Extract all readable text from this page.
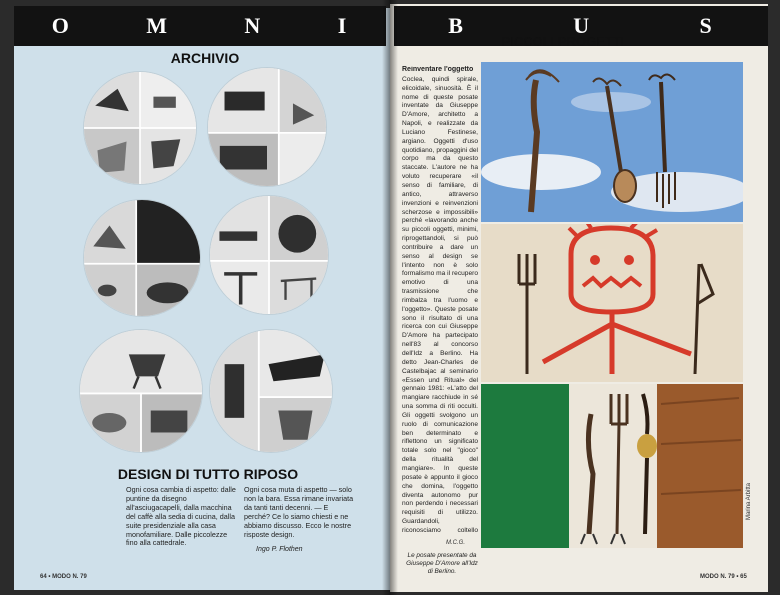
O	M	N	I	B	U	S
ARCHIVIO
DESIGN DI TUTTO RIPOSO
Ogni cosa cambia di aspetto: dalle puntine da disegno all'asciugacapelli, dalla macchina del caffè alla sedia di cucina, dalla suite presidenziale alla casa monofamiliare. Dalle piccolezze fino alla cattedrale.
Ogni cosa muta di aspetto — solo non la bara. Essa rimane invariata da tanti tanti decenni. — E perché? Ce lo siamo chiesti e ne abbiamo discusso. Ecco le nostre risposte design.
Ingo P. Flothen
64 • MODO N. 79
PICCOLI PROGETTI
Reinventare l'oggetto
Coclea, quindi spirale, elicoidale, sinuosità. È il nome di queste posate inventate da Giuseppe D'Amore, architetto a Napoli, e realizzate da Luciano Festinese, argiano. Oggetti d'uso quotidiano, propaggini del corpo ma da questo staccate. L'autore ne ha voluto recuperare «il senso di familiare, di antico, attraverso invenzioni e reinvenzioni scherzose e impossibili» perché «lavorando anche su piccoli oggetti, minimi, riprogettandoli, si può contribuire a dare un senso al design se l'intento non è solo formalismo ma il recupero emotivo di una trasmissione che rimbalza tra l'uomo e l'oggetto». Queste posate sono il risultato di una ricerca con cui Giuseppe D'Amore ha partecipato nell'83 al concorso dell'Idz a Berlino. Ha detto Jean-Charles de Castelbajac al seminario «Essen und Ritual» del gennaio 1981: «L'atto del mangiare racchiude in sé una somma di riti occulti. Gli oggetti svolgono un ruolo di comunicazione ben determinato e riflettono un significato totale solo nel "gioco" della ritualità del mangiare». In queste posate è appunto il gioco che domina, l'oggetto diventa autonomo pur non perdendo i necessari requisiti di utilizzo. Guardandoli, riconosciamo coltello
M.C.G.
Le posate presentate da Giuseppe D'Amore all'Idz di Berlino.
Marina Arbitta
MODO N. 79 • 65
